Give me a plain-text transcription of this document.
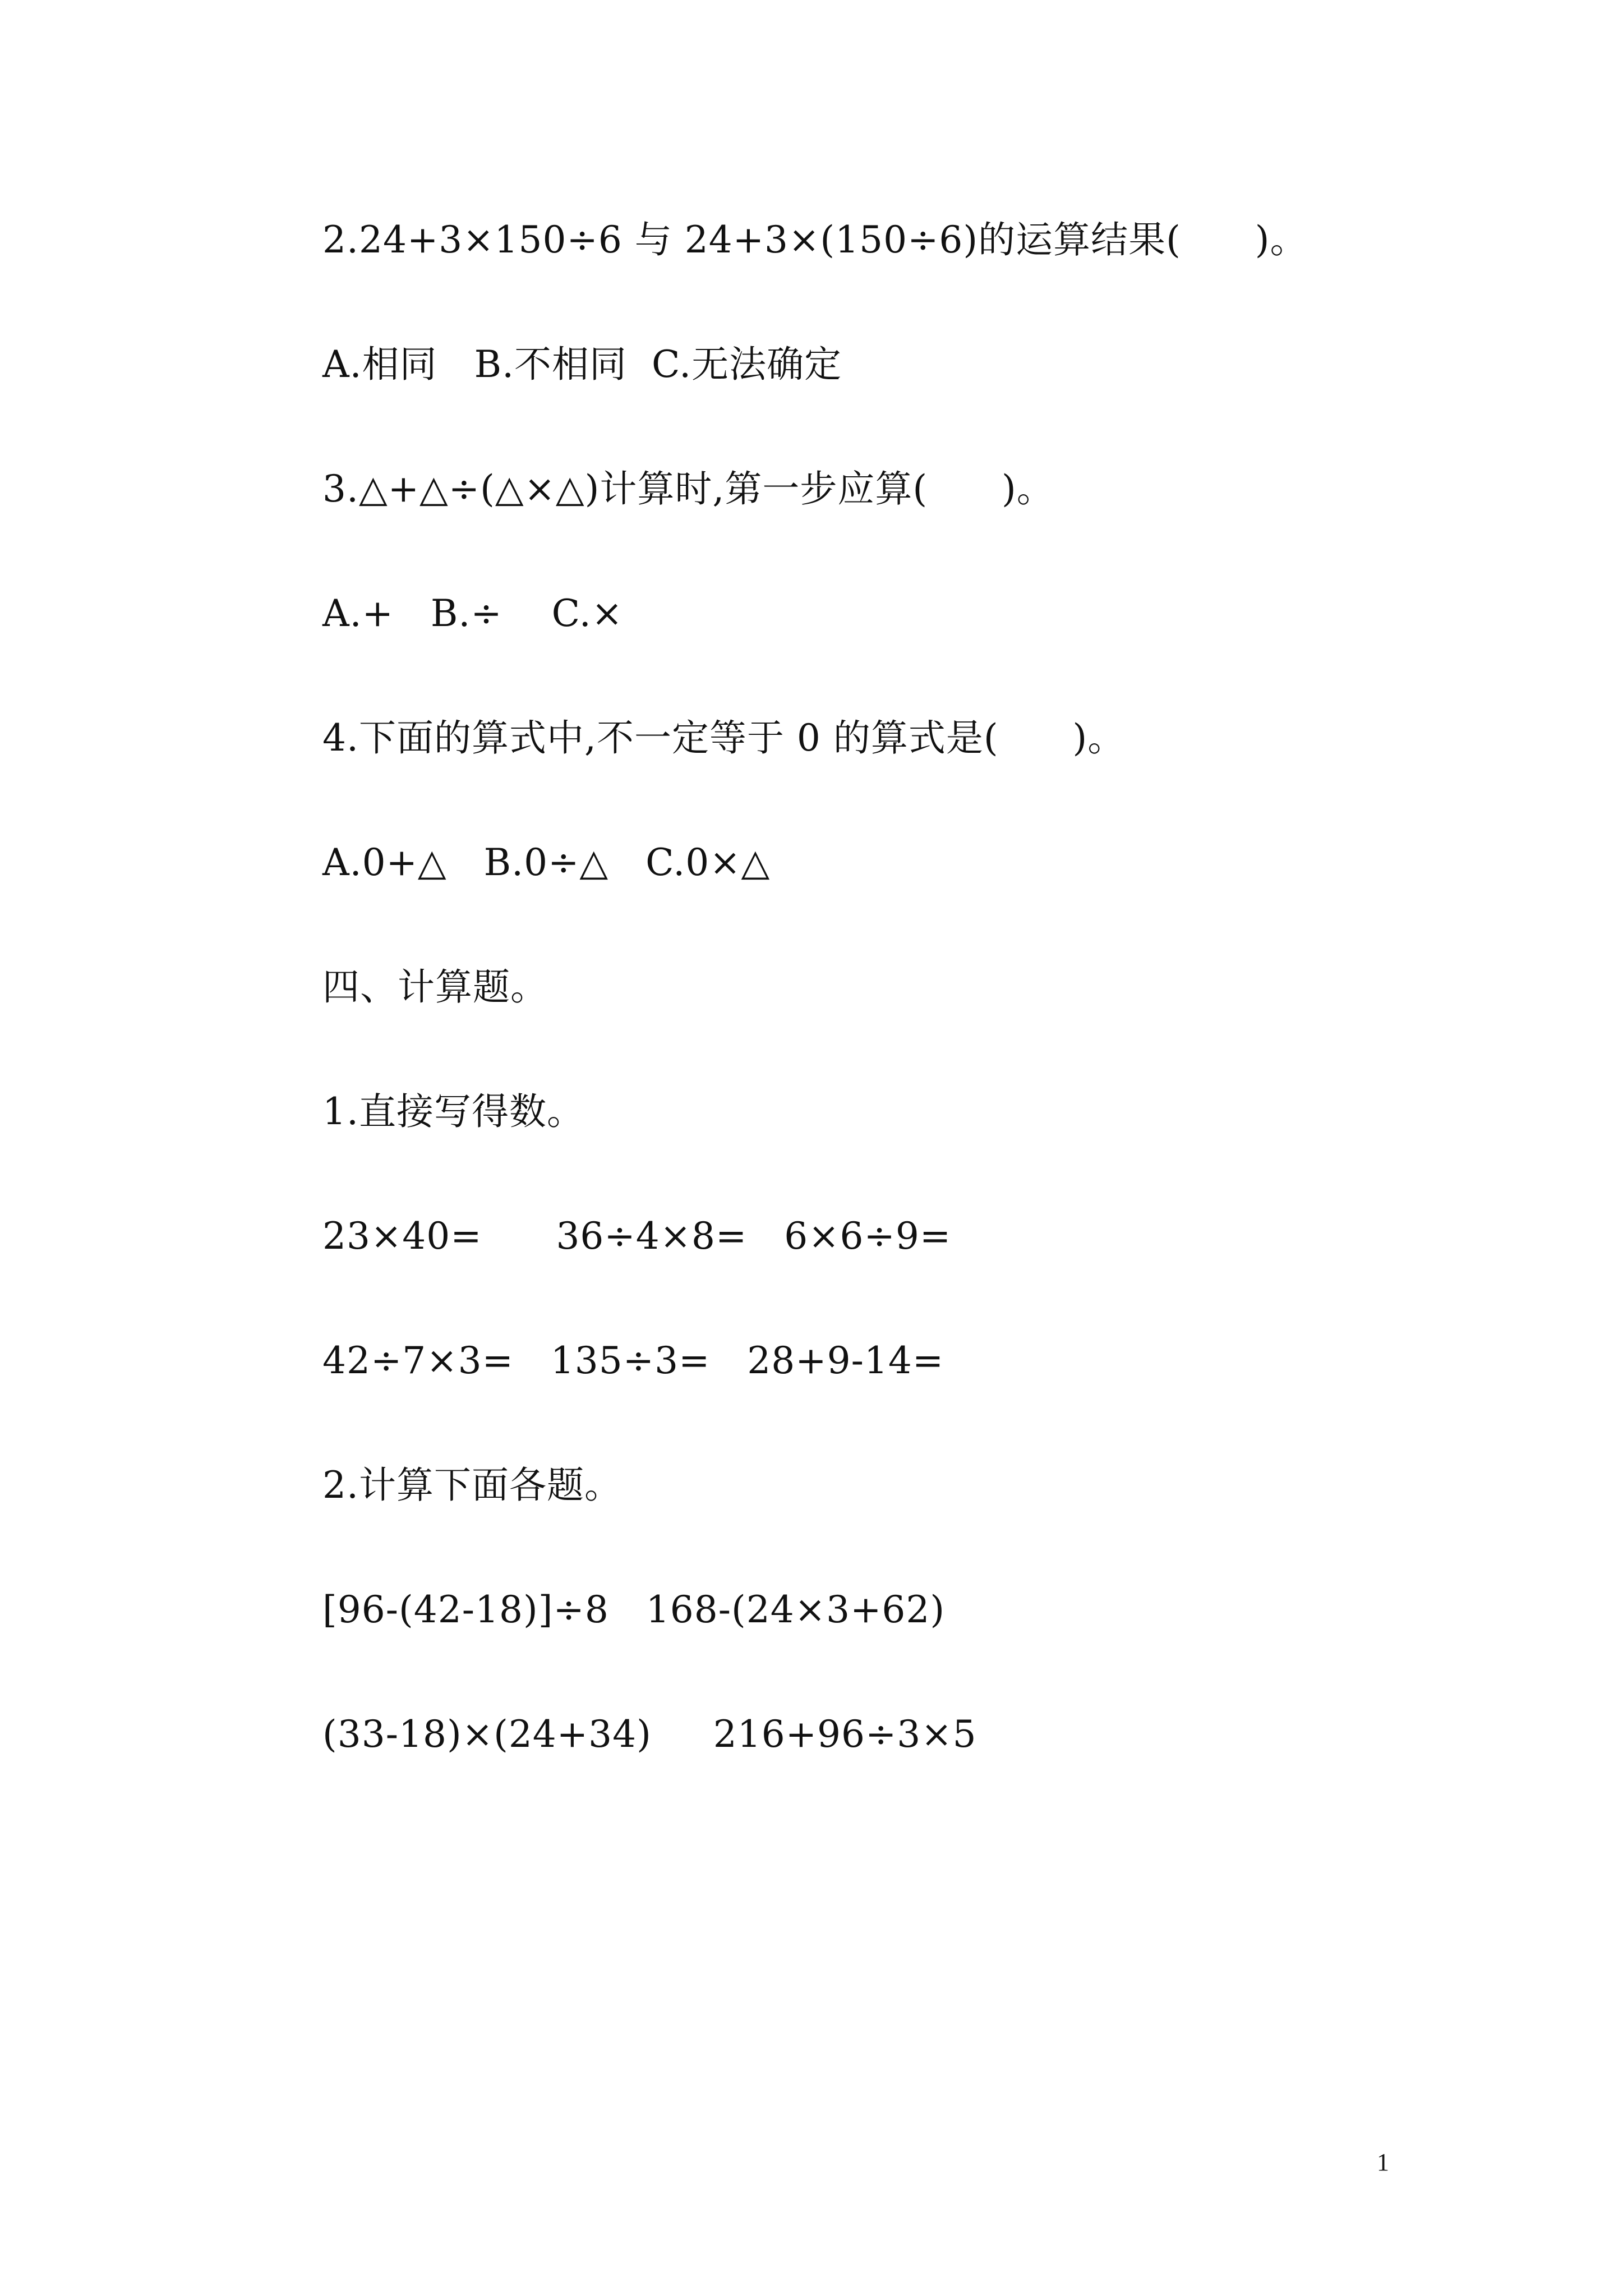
2.24+3×150÷6 与 24+3×(150÷6)的运算结果(      )。
A.相同   B.不相同  C.无法确定
3.△+△÷(△×△)计算时,第一步应算(      )。
A.+   B.÷    C.×
4.下面的算式中,不一定等于 0 的算式是(      )。
A.0+△   B.0÷△   C.0×△
四、计算题。
1.直接写得数。
23×40=      36÷4×8=   6×6÷9=
42÷7×3=   135÷3=   28+9-14=
2.计算下面各题。
[96-(42-18)]÷8   168-(24×3+62)
(33-18)×(24+34)     216+96÷3×5
1
